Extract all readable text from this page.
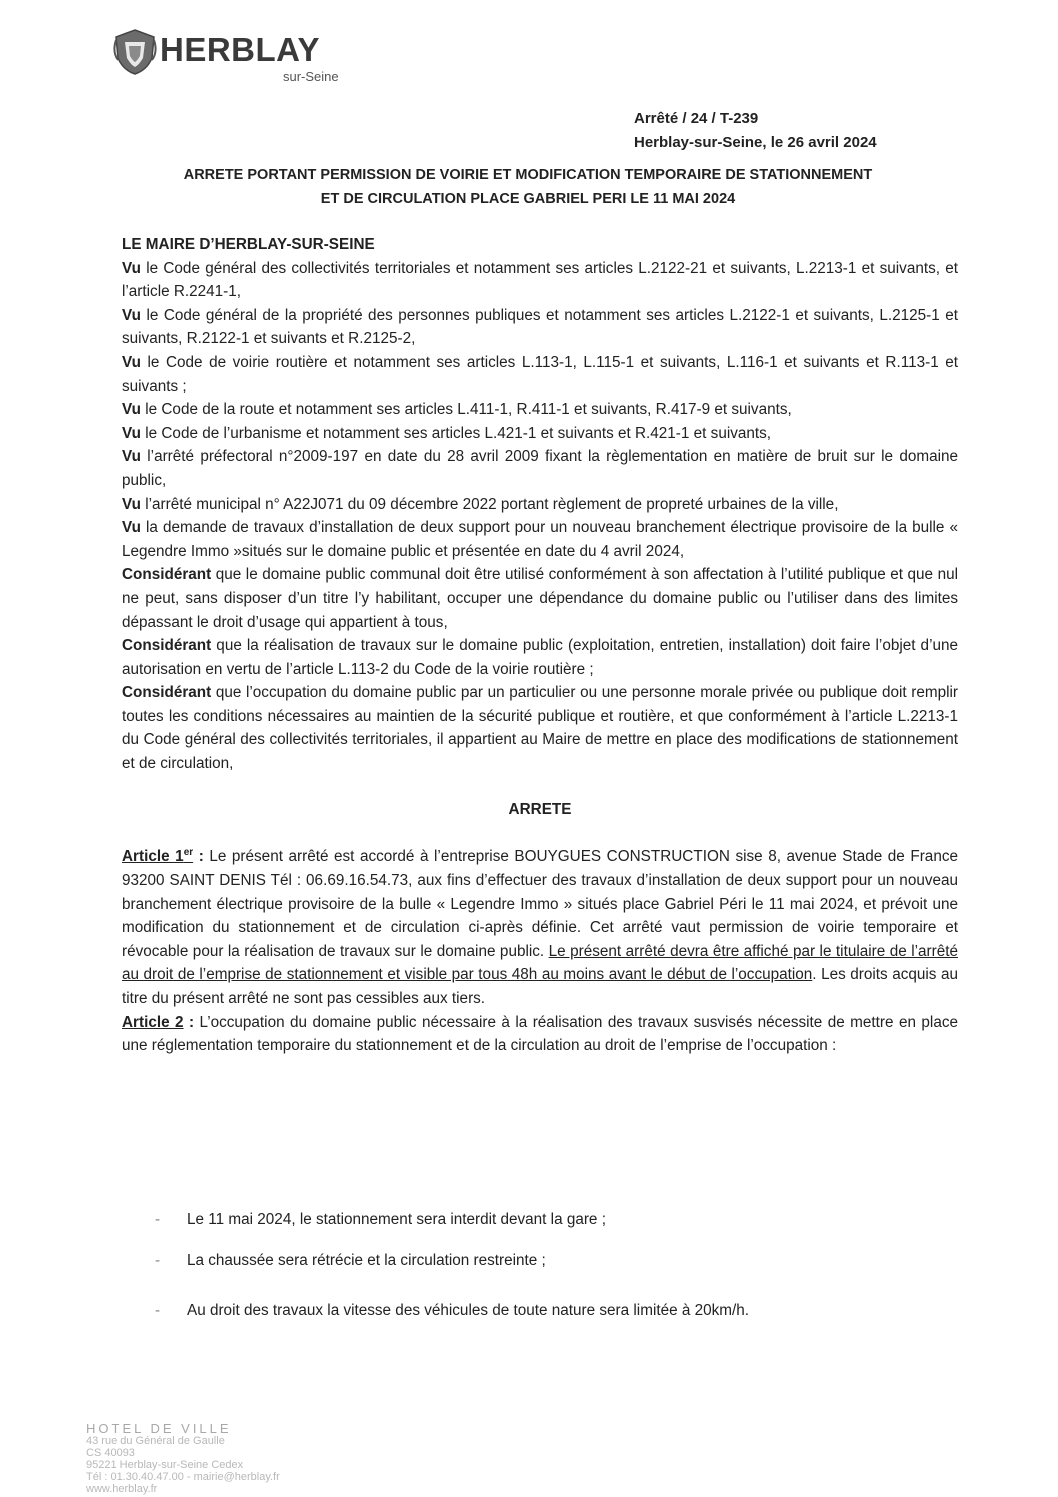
HERBLAY
sur-Seine
Arrêté / 24 / T-239
Herblay-sur-Seine, le 26 avril 2024
ARRETE PORTANT PERMISSION DE VOIRIE ET MODIFICATION TEMPORAIRE DE STATIONNEMENT
ET DE CIRCULATION PLACE GABRIEL PERI LE 11 MAI 2024
LE MAIRE D’HERBLAY-SUR-SEINE

Vu le Code général des collectivités territoriales et notamment ses articles L.2122-21 et suivants, L.2213-1 et suivants, et l’article R.2241-1,

Vu le Code général de la propriété des personnes publiques et notamment ses articles L.2122-1 et suivants, L.2125-1 et suivants, R.2122-1 et suivants et R.2125-2,

Vu le Code de voirie routière et notamment ses articles L.113-1, L.115-1 et suivants, L.116-1 et suivants et R.113-1 et suivants ;

Vu le Code de la route et notamment ses articles L.411-1, R.411-1 et suivants, R.417-9 et suivants,

Vu le Code de l’urbanisme et notamment ses articles L.421-1 et suivants et R.421-1 et suivants,

Vu l’arrêté préfectoral n°2009-197 en date du 28 avril 2009 fixant la règlementation en matière de bruit sur le domaine public,

Vu l’arrêté municipal n° A22J071 du 09 décembre 2022 portant règlement de propreté urbaines de la ville,

Vu la demande de travaux d’installation de deux support pour un nouveau branchement électrique provisoire de la bulle « Legendre Immo »situés sur le domaine public et présentée en date du 4 avril 2024,

Considérant que le domaine public communal doit être utilisé conformément à son affectation à l’utilité publique et que nul ne peut, sans disposer d’un titre l’y habilitant, occuper une dépendance du domaine public ou l’utiliser dans des limites dépassant le droit d’usage qui appartient à tous,

Considérant que la réalisation de travaux sur le domaine public (exploitation, entretien, installation) doit faire l’objet d’une autorisation en vertu de l’article L.113-2 du Code de la voirie routière ;

Considérant que l’occupation du domaine public par un particulier ou une personne morale privée ou publique doit remplir toutes les conditions nécessaires au maintien de la sécurité publique et routière, et que conformément à l’article L.2213-1 du Code général des collectivités territoriales, il appartient au Maire de mettre en place des modifications de stationnement et de circulation,

ARRETE

Article 1er : Le présent arrêté est accordé à l’entreprise BOUYGUES CONSTRUCTION sise 8, avenue Stade de France 93200 SAINT DENIS Tél : 06.69.16.54.73, aux fins d’effectuer des travaux d’installation de deux support pour un nouveau branchement électrique provisoire de la bulle « Legendre Immo » situés place Gabriel Péri le 11 mai 2024, et prévoit une modification du stationnement et de circulation ci-après définie. Cet arrêté vaut permission de voirie temporaire et révocable pour la réalisation de travaux sur le domaine public. Le présent arrêté devra être affiché par le titulaire de l’arrêté au droit de l’emprise de stationnement et visible par tous 48h au moins avant le début de l’occupation. Les droits acquis au titre du présent arrêté ne sont pas cessibles aux tiers.

Article 2 : L’occupation du domaine public nécessaire à la réalisation des travaux susvisés nécessite de mettre en place une réglementation temporaire du stationnement et de la circulation au droit de l’emprise de l’occupation :

- Le 11 mai 2024, le stationnement sera interdit devant la gare ;
- La chaussée sera rétrécie et la circulation restreinte ;
- Au droit des travaux la vitesse des véhicules de toute nature sera limitée à 20km/h.
HOTEL DE VILLE
43 rue du Général de Gaulle
CS 40093
95221 Herblay-sur-Seine Cedex
Tél : 01.30.40.47.00 - mairie@herblay.fr
www.herblay.fr
